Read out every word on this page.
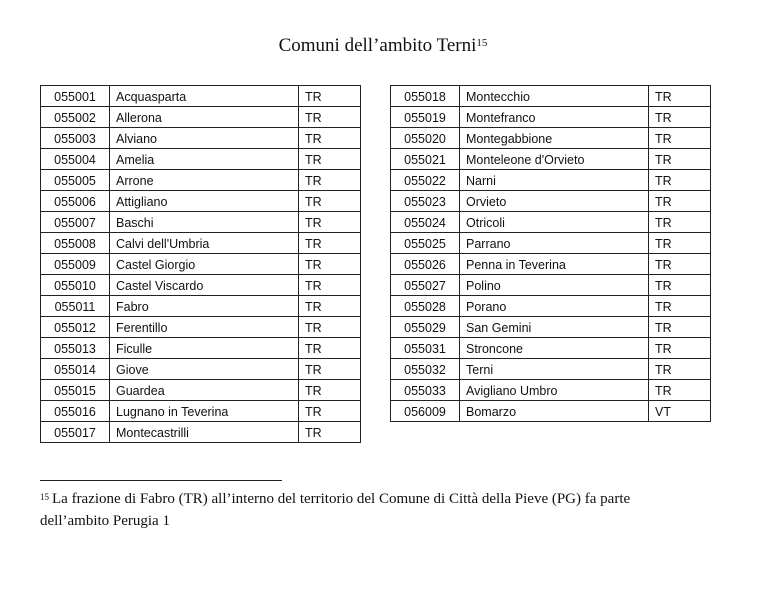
Comuni dell’ambito Terni$^{15}$
055001	Acquasparta	TR
055002	Allerona	TR
055003	Alviano	TR
055004	Amelia	TR
055005	Arrone	TR
055006	Attigliano	TR
055007	Baschi	TR
055008	Calvi dell'Umbria	TR
055009	Castel Giorgio	TR
055010	Castel Viscardo	TR
055011	Fabro	TR
055012	Ferentillo	TR
055013	Ficulle	TR
055014	Giove	TR
055015	Guardea	TR
055016	Lugnano in Teverina	TR
055017	Montecastrilli	TR
055018	Montecchio	TR
055019	Montefranco	TR
055020	Montegabbione	TR
055021	Monteleone d'Orvieto	TR
055022	Narni	TR
055023	Orvieto	TR
055024	Otricoli	TR
055025	Parrano	TR
055026	Penna in Teverina	TR
055027	Polino	TR
055028	Porano	TR
055029	San Gemini	TR
055031	Stroncone	TR
055032	Terni	TR
055033	Avigliano Umbro	TR
056009	Bomarzo	VT
$^{15}$ La frazione di Fabro (TR) all’interno del territorio del Comune di Città della Pieve (PG) fa parte dell’ambito Perugia 1
